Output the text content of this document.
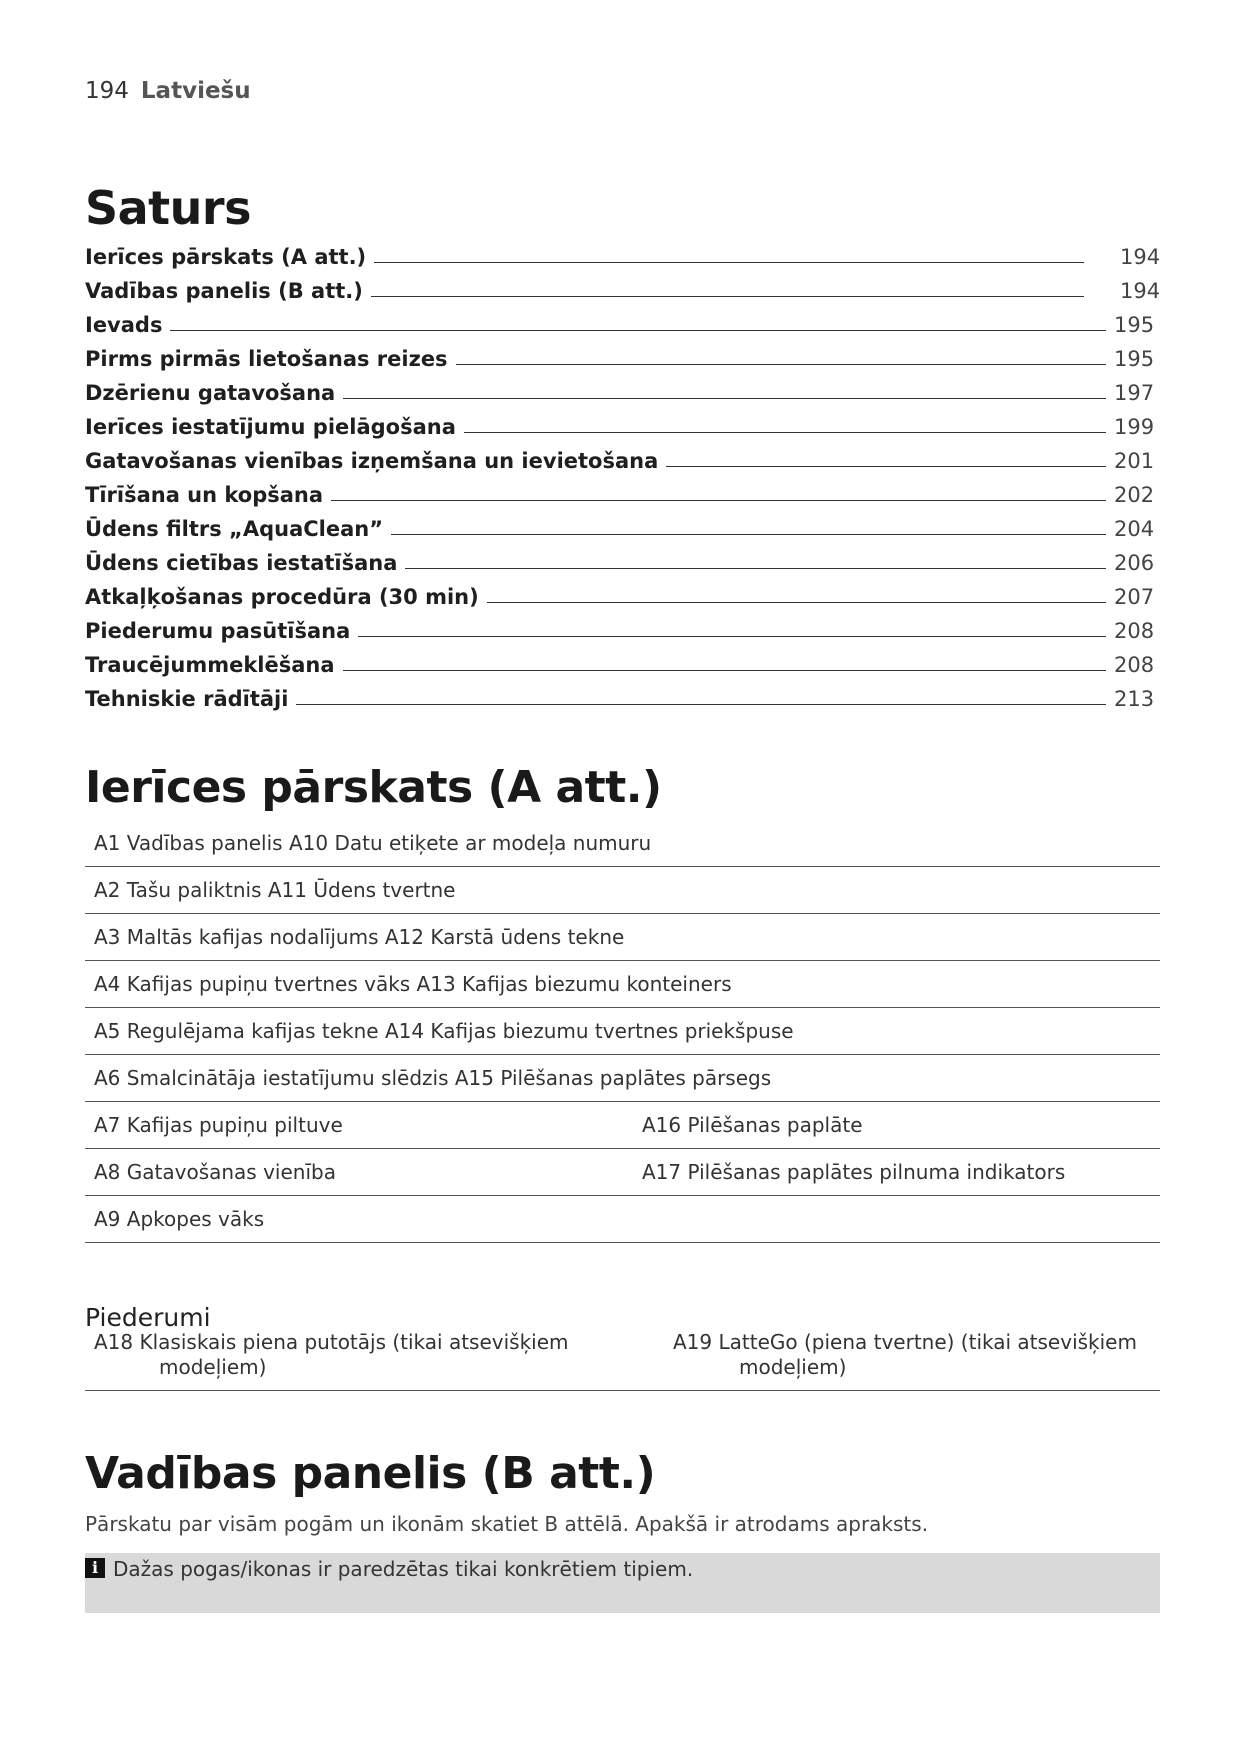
194 Latviešu
Saturs
Ierīces pārskats (A att.)	194
Vadības panelis (B att.)	194
Ievads	195
Pirms pirmās lietošanas reizes	195
Dzērienu gatavošana	197
Ierīces iestatījumu pielāgošana	199
Gatavošanas vienības izņemšana un ievietošana	201
Tīrīšana un kopšana	202
Ūdens filtrs „AquaClean”	204
Ūdens cietības iestatīšana	206
Atkaļķošanas procedūra (30 min)	207
Piederumu pasūtīšana	208
Traucējummeklēšana	208
Tehniskie rādītāji	213
Ierīces pārskats (A att.)
A1 Vadības panelis A10 Datu etiķete ar modeļa numuru
A2 Tašu paliktnis A11 Ūdens tvertne
A3 Maltās kafijas nodalījums A12 Karstā ūdens tekne
A4 Kafijas pupiņu tvertnes vāks A13 Kafijas biezumu konteiners
A5 Regulējama kafijas tekne A14 Kafijas biezumu tvertnes priekšpuse
A6 Smalcinātāja iestatījumu slēdzis A15 Pilēšanas paplātes pārsegs
A7 Kafijas pupiņu piltuve	A16 Pilēšanas paplāte
A8 Gatavošanas vienība	A17 Pilēšanas paplātes pilnuma indikators
A9 Apkopes vāks
Piederumi
A18 Klasiskais piena putotājs (tikai atsevišķiem
modeļiem)
A19 LatteGo (piena tvertne) (tikai atsevišķiem
modeļiem)
Vadības panelis (B att.)
Pārskatu par visām pogām un ikonām skatiet B attēlā. Apakšā ir atrodams apraksts.
i Dažas pogas/ikonas ir paredzētas tikai konkrētiem tipiem.
